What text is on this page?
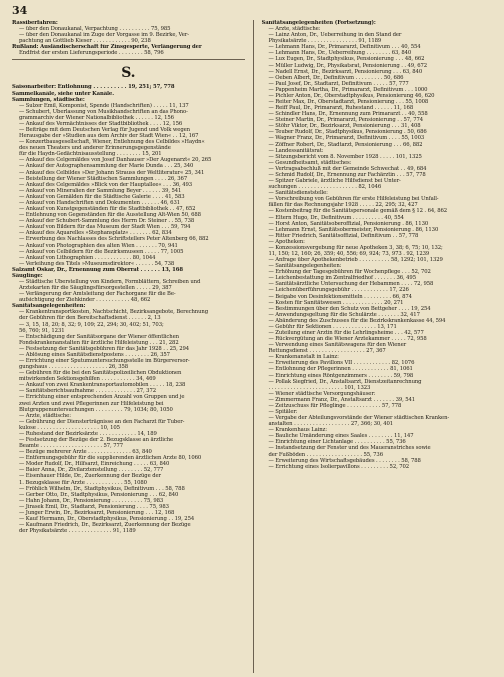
34
Rassiberfahren:
— über den Donaukanal, Verpachtung . . . . . . . . . . 75, 985
— über den Donaukanal im Zuge der Vorgasse im 9. Bezirke, Ver-
pachtung an Gottlieb Kieser . . . . . . . . . . . . 90, 238
Rußland: Ausländischerschaft für Zinsgesperte, Verlängerung der
Endfrist der ersten Lieferungsperiode . . . . . . . . 58, 796
S.
Saisonarbeiter: Entlohnung . . . . . . . . . . 19, 251; 57, 778
Sammelkanäle, siehe unter Kanäle.
Sammlungen, städtische:
— Sulzer Emil, Komponist, Spende (Handschriften) . . . . . 11, 137
— Schubert, Überlassung von Musikhandschriften an das Phono-
grammarchiv der Wiener Nationalbibliothek . . . . . . 12, 156
— Ankauf des Vermächtnisses der Stadtbibliothek . . . . 12, 156
— Beiträge mit dem Deutschen Verlag für Jugend und Volk wegen
Herausgabe der »Studien aus dem Archiv der Stadt Wien« . . 12, 167
— Konzertbausgesellschaft, Wiener, Entlehnung des Celbildes »Haydn«
des neuen Theaters und anderer Erinnerungsgegenstände
für die Haydn-Gedächtnisausstellung . . . . . . . . 15, 201
— Ankauf des Celgemäldes von Josef Danhauser »Der Augenarzt« 20, 265
— Ankauf der Autographensammlung der Marie Dunda . . . 25, 340
— Ankauf des Celbildes »Der Johann Strauss der Weltliteratur« 25, 341
— Beistellung der Wiener Städtischen Sammlungen . . . . 26, 367
— Ankauf des Celgemäldes »Blick von der Hauptallee« . . . 36, 493
— Ankauf von Mineralien der Sammlung Beyer . . . . . . 39, 541
— Ankauf von Gemälden für die Städtische Galerie . . . . 41, 583
— Ankauf von Handschriften und Dokumenten . . . . . . 46, 631
— Ankauf von Kunstgegenständen für die Stadtbibliothek . . 47, 652
— Entlehnung von Gegenständen für die Ausstellung Alt-Wien 50, 688
— Ankauf der Schubert-Sammlung des Herrn Dr. Steiner . . 55, 738
— Ankauf von Bildern für das Museum der Stadt Wien . . . 59, 794
— Ankauf des Aquarelles »Stephansplatz« . . . . . . . 62, 834
— Erwerbung des Nachlasses des Schriftstellers Peter Altenberg 66, 882
— Ankauf von Photographien des alten Wien . . . . . . . 70, 941
— Ankauf von Celbildern für die Bezirksmuseen . . . . . 77, 1005
— Ankauf von Lithographien . . . . . . . . . . . . 80, 1044
— Verleihung des Titels »Museumsdirektor« . . . . . . 54, 738
Salzamt Oskar, Dr., Ernennung zum Oberrat . . . . . . 13, 168
Säuglinge:
— Städtische Überstellung von Kindern, Formblättern, Schreiben und
Ärztekarten für die Säuglingsfürsorgestellen . . . . . 29, 387
— Verlängerung der Amtsleitung der Fachorgane für die Be-
aufsichtigung der Ziehkinder . . . . . . . . . . . 48, 662
Sanitätsangelegenheiten:
— Krankentransportkosten, Nachtschicht, Bezirksangebote, Berechnung
der Gebühren für den Bereitschaftsdienst . . . . . . 2, 13
— 3, 15, 18, 20; 8, 32; 9, 109; 22, 294; 30, 402; 51, 703;
56, 760; 91, 1231
— Entschädigung der Sanitätsorgane der Wiener öffentlichen
Fondskrankenanstalten für ärztliche Hilfeleistung . . . 21, 282
— Festsetzung der Sanitätsgebühren für das Jahr 1928 . . 25, 294
— Ablösung eines Sanitätsdienstpostens . . . . . . . . 26, 357
— Errichtung einer Sputumuntersuchungsstelle im Bürgerversor-
gungshaus . . . . . . . . . . . . . . . . . . . 26, 358
— Gebühren für die bei den Sanitätspolizeilichen Obduktionen
mitwirkenden Sektionsgehilfen . . . . . . . . . . . 34, 469
— Ankauf von zwei Krankentransportautomobilen . . . . . 18, 238
— Sanitätsberichtsaufnahme . . . . . . . . . . . . . 27, 372
— Errichtung einer entsprechenden Anzahl von Gruppen und je
zwei Ärzten und zwei Pflegerinnen zur Hilfeleistung bei
Blutgruppenuntersuchungen . . . . . . . . . 79, 1034; 80, 1050
— Ärzte, städtische:
— Gebührung der Diensterträgnisse an den Facharzt für Tuber-
kulose . . . . . . . . . . . . . . . . . . . . 10, 105
— Ruhestand der Bezirksärzte . . . . . . . . . . . . 14, 189
— Festsetzung der Bezüge der 2. Bezugsklasse an ärztliche
Beamte . . . . . . . . . . . . . . . . . . . . 57, 777
— Bezüge mehrerer Ärzte . . . . . . . . . . . . . . 63, 840
— Entfernungsgebühr für die supplierenden ärztlichen Ärzte 80, 1060
— Moder Rudolf, Dr., Hilfsarzt, Einreichung . . . . . 63, 840
— Baier Anna, Dr., Zivilarztenstellung . . . . . . . . 52, 777
— Eisenhauer Hilde, Dr., Zuerkennung der Bezüge der
1. Bezugsklasse für Ärzte . . . . . . . . . . . . 55, 1080
— Fröhlich Wilhelm, Dr., Stadtphysikus, Definitivum . . . 58, 788
— Gerber Otto, Dr., Stadtphysikus, Pensionierung . . . 62, 840
— Hahn Johann, Dr., Pensionierung . . . . . . . . . . 75, 983
— Jirasek Emil, Dr., Stadtarzt, Pensionierung . . . . 75, 983
— Junger Erwin, Dr., Bezirksarzt, Pensionierung . . . 12, 168
— Kauf Hermann, Dr., Oberstadtphysikus, Pensionierung . . 19, 254
— Kaufmann Friedrich, Dr., Bezirksarzt, Zuerkennung der Bezüge
der Physikatsärzte . . . . . . . . . . . . . . 91, 1189
Sanitätsangelegenheiten (Fortsetzung):
— Ärzte, städtische:
— Lainz Anton, Dr., Ueberreihung in den Stand der
Physikatsärzte . . . . . . . . . . . . . . . . 91, 1189
— Lehmann Hans, Dr., Primararzt, Definitivum . . . 40, 554
— Lehmann Hans, Dr., Ueberreihung . . . . . . . . 63, 840
— Lux Eugen, Dr., Stadtphysikus, Pensionierung . . . 48, 662
— Müller Ludwig, Dr., Physikatsrat, Pensionierung . . 49, 672
— Nadell Ernst, Dr., Bezirksarzt, Pensionierung . . . 63, 840
— Oeben Albert, Dr., Definitivum . . . . . . . . . 50, 686
— Paul Josef, Dr., Stadtarzt, Definitivum . . . . . 57, 777
— Pappenheim Martha, Dr., Primararzt, Definitivum . . . 1000
— Pichler Anton, Dr., Oberstadtphysikus, Pensionierung 46, 620
— Reiter Max, Dr., Oberstadtarzt, Pensionierung . . . 55, 1008
— Reiff Paul, Dr., Primararzt, Ruhestand . . . . . . 11, 168
— Schindler Hans, Dr., Ernennung zum Primararzt . . 40, 558
— Steiner Martin, Dr., Primararzt, Pensionierung . . 57, 774
— Stöhr Viktor, Dr., Bezirksarzt, Pensionierung . . . 31, 408
— Teuber Rudolf, Dr., Stadtphysikus, Pensionierung . 50, 686
— Wagner Franz, Dr., Primararzt, Definitivum . . . . 55, 1003
— Zöffner Robert, Dr., Stadtarzt, Pensionierung . . . 66, 882
— Landessanitätsrat:
— Sitzungsbericht vom 8. November 1928 . . . . . 101, 1325
— Gesundheitsamt, städtisches:
— Vertragsabschluß mit der Gemeinde Schwechat . . 49, 684
— Schmid Rudolf, Dr., Ernennung zur Fachärztin . . . 57, 778
— Spitzer Gabriele, ärztliche Hilfsdienst bei Unter-
suchungen . . . . . . . . . . . . . . . . . . . 82, 1046
— Sanitätsdienststelle:
— Vorschreibung von Gebühren für erste Hilfeleistung bei Unfall-
fällen für das Rechnungsjahr 1928 . . . . . 22, 295; 32, 427
— Kostenbeitrag für die Sanitätspersonale gemäß dem § 12 . 64, 862
— Eltern Hugo, Dr., Definitivum . . . . . . . . . . 40, 554
— Horst Anton, Sanitätsoberoffizial, Pensionierung . 86, 1130
— Lehmann Ernst, Sanitätsobermeister, Pensionierung . 86, 1130
— Ritter Friedrich, Sanitätsoffizial, Definitivum . . 57, 778
— Apotheken:
— Konzessionsvergebung für neue Apotheken 3, 38; 6, 75; 10, 132;
11, 150; 12, 160; 26, 359; 40, 556; 69, 924; 73, 973 . 92, 1239
— Anfrage über Apothekenbetrieb . . . . . . . . . . 58, 1292; 101, 1329
— Sanitätsangelegenheiten:
— Erhöhung der Tagesgebühren für Wochenpflege . . . 52, 702
— Leichenbestattung im Zentralfriedhof . . . . . . . 36, 495
— Sanitätsärztliche Untersuchung der Hebammen . . . . 72, 958
— Leichenüberführungsgebühr . . . . . . . . . . . . 17, 226
— Beigabe von Desinfektionsmitteln . . . . . . . . . 66, 874
— Kosten für Sanitätswesen . . . . . . . . . . . . . 20, 271
— Bestimmungen über den Schutz von Bettgeher . . . . 19, 254
— Anwendungsgeltung für die Schulärzte . . . . . . . 32, 417
— Abänderung des Zuschusses für die Bezirkskrankenkasse 44, 594
— Gebühr für Sektionen . . . . . . . . . . . . . . 13, 171
— Zuteilung einer Ärztin für die Lehrlingsheime . . . 42, 577
— Rückvergütung an die Wiener Ärztekammer . . . . . 72, 958
— Verwendung eines Sanitätswagens für den Wiener
Rettungsdienst . . . . . . . . . . . . . . . . . . 27, 367
— Krankenanstalt in Lainz:
— Erweiterung des Pavillons VII . . . . . . . . . . . . 82, 1076
— Entlohnung der Pflegerinnen . . . . . . . . . . . . 81, 1061
— Einrichtung eines Röntgenzimmers . . . . . . . . 59, 798
— Pollak Siegfried, Dr., Anstaltsarzt, Dienstzeitanrechnung
. . . . . . . . . . . . . . . . . . . . . . . . 101, 1323
— Wiener städtische Versorgungshäuser:
— Zimmermann Franz, Dr., Anstaltsarzt . . . . . . . 39, 541
— Zeitzuschuss für Pfleglinge . . . . . . . . . . . 57, 778
— Spitäler:
— Vergabe der Abteilungsvorstände der Wiener städtischen Kranken-
anstalten . . . . . . . . . . . . . . . . . . 27, 366; 30, 401
— Krankenhaus Lainz:
— Bauliche Umänderung eines Saales . . . . . . . . 11, 147
— Einrichtung einer Lichtanlage . . . . . . . . . . 55, 736
— Instandsetzung der Fenster und des Maueranstriches sowie
der Fußböden . . . . . . . . . . . . . . . . . . 55, 736
— Erweiterung des Wirtschaftsgebäudes . . . . . . . . 58, 788
— Errichtung eines Isolierpavillons . . . . . . . . . 52, 702
